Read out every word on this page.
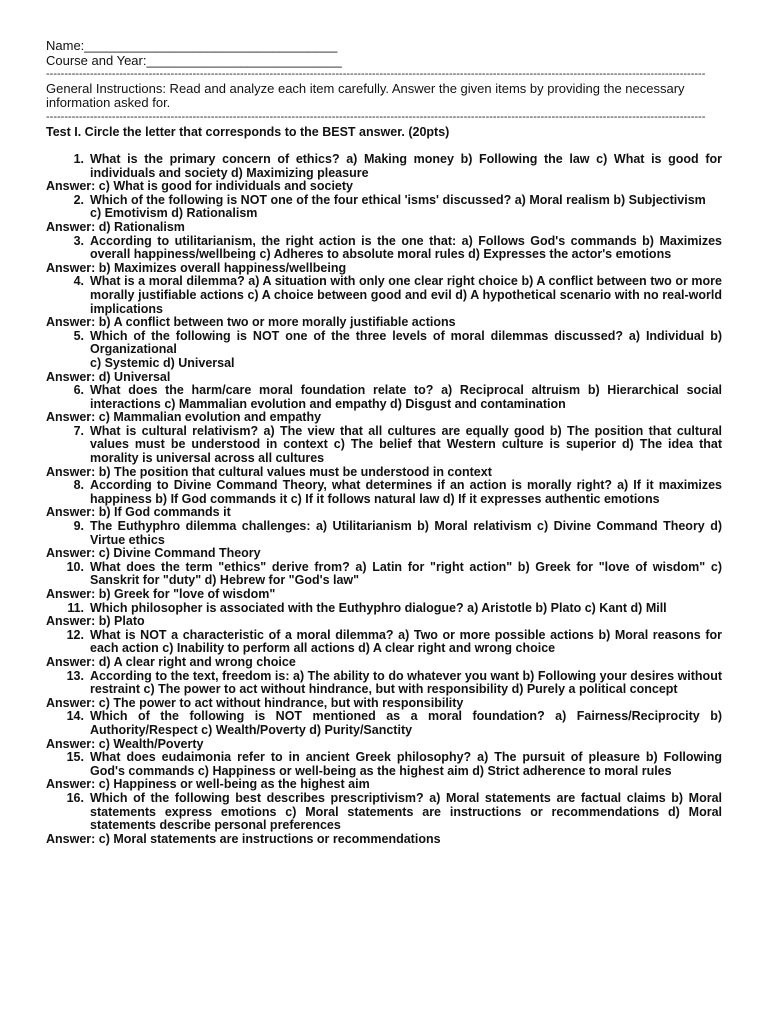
Name:___________________________________
Course and Year:___________________________
------------------------------------------------------------------------------------------------------------------------------------------------------------------------------------
General Instructions: Read and analyze each item carefully. Answer the given items by providing the necessary information asked for.
------------------------------------------------------------------------------------------------------------------------------------------------------------------------------------
Test I. Circle the letter that corresponds to the BEST answer. (20pts)
1. What is the primary concern of ethics? a) Making money b) Following the law c) What is good for individuals and society d) Maximizing pleasure
Answer: c) What is good for individuals and society
2. Which of the following is NOT one of the four ethical 'isms' discussed? a) Moral realism b) Subjectivism
c) Emotivism d) Rationalism
Answer: d) Rationalism
3. According to utilitarianism, the right action is the one that: a) Follows God's commands b) Maximizes overall happiness/wellbeing c) Adheres to absolute moral rules d) Expresses the actor's emotions
Answer: b) Maximizes overall happiness/wellbeing
4. What is a moral dilemma? a) A situation with only one clear right choice b) A conflict between two or more morally justifiable actions c) A choice between good and evil d) A hypothetical scenario with no real-world implications
Answer: b) A conflict between two or more morally justifiable actions
5. Which of the following is NOT one of the three levels of moral dilemmas discussed? a) Individual b) Organizational
c) Systemic d) Universal
Answer: d) Universal
6. What does the harm/care moral foundation relate to? a) Reciprocal altruism b) Hierarchical social interactions c) Mammalian evolution and empathy d) Disgust and contamination
Answer: c) Mammalian evolution and empathy
7. What is cultural relativism? a) The view that all cultures are equally good b) The position that cultural values must be understood in context c) The belief that Western culture is superior d) The idea that morality is universal across all cultures
Answer: b) The position that cultural values must be understood in context
8. According to Divine Command Theory, what determines if an action is morally right? a) If it maximizes happiness b) If God commands it c) If it follows natural law d) If it expresses authentic emotions
Answer: b) If God commands it
9. The Euthyphro dilemma challenges: a) Utilitarianism b) Moral relativism c) Divine Command Theory d) Virtue ethics
Answer: c) Divine Command Theory
10. What does the term "ethics" derive from? a) Latin for "right action" b) Greek for "love of wisdom" c) Sanskrit for "duty" d) Hebrew for "God's law"
Answer: b) Greek for "love of wisdom"
11. Which philosopher is associated with the Euthyphro dialogue? a) Aristotle b) Plato c) Kant d) Mill
Answer: b) Plato
12. What is NOT a characteristic of a moral dilemma? a) Two or more possible actions b) Moral reasons for each action c) Inability to perform all actions d) A clear right and wrong choice
Answer: d) A clear right and wrong choice
13. According to the text, freedom is: a) The ability to do whatever you want b) Following your desires without restraint c) The power to act without hindrance, but with responsibility d) Purely a political concept
Answer: c) The power to act without hindrance, but with responsibility
14. Which of the following is NOT mentioned as a moral foundation? a) Fairness/Reciprocity b) Authority/Respect c) Wealth/Poverty d) Purity/Sanctity
Answer: c) Wealth/Poverty
15. What does eudaimonia refer to in ancient Greek philosophy? a) The pursuit of pleasure b) Following God's commands c) Happiness or well-being as the highest aim d) Strict adherence to moral rules
Answer: c) Happiness or well-being as the highest aim
16. Which of the following best describes prescriptivism? a) Moral statements are factual claims b) Moral statements express emotions c) Moral statements are instructions or recommendations d) Moral statements describe personal preferences
Answer: c) Moral statements are instructions or recommendations
